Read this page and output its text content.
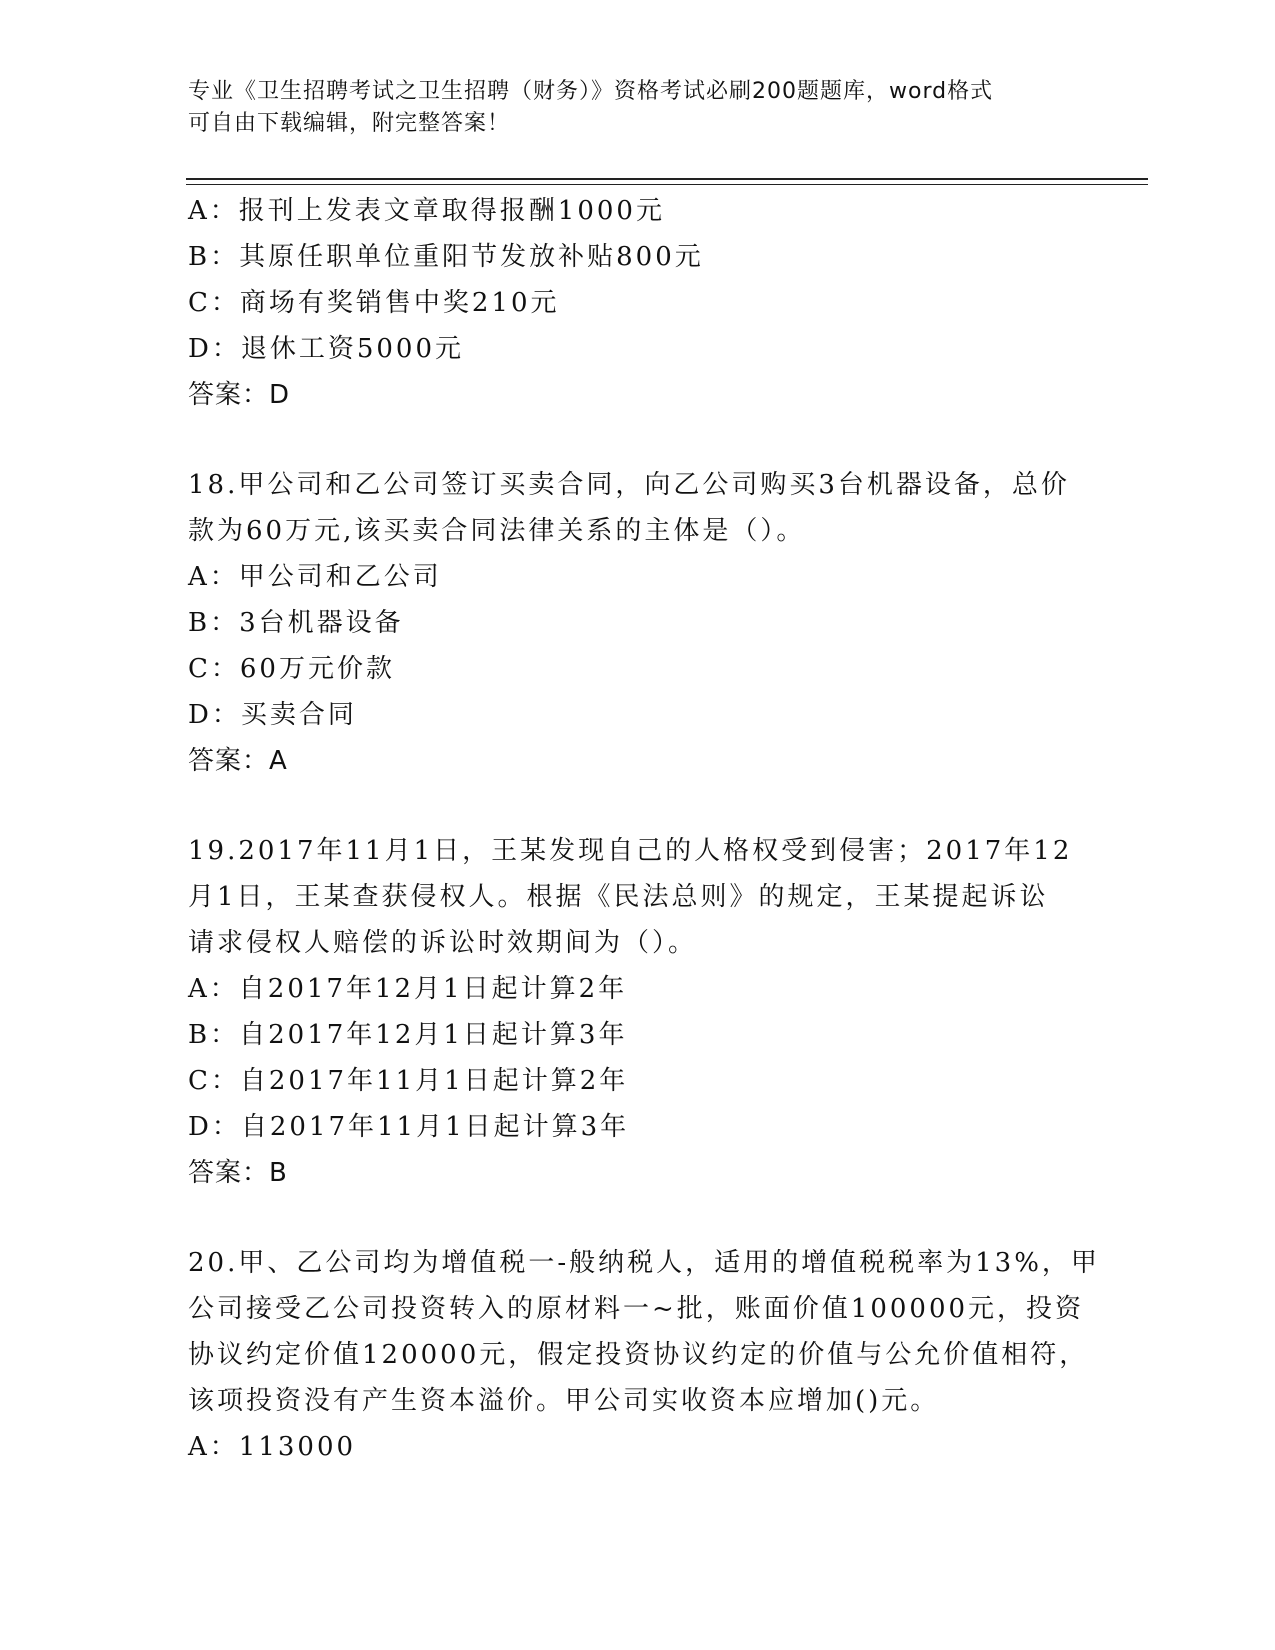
专业《卫生招聘考试之卫生招聘（财务）》资格考试必刷200题题库，word格式
可自由下载编辑，附完整答案！
A：报刊上发表文章取得报酬1000元
B：其原任职单位重阳节发放补贴800元
C：商场有奖销售中奖210元
D：退休工资5000元
答案：D
18.甲公司和乙公司签订买卖合同，向乙公司购买3台机器设备，总价
款为60万元,该买卖合同法律关系的主体是（）。
A：甲公司和乙公司
B：3台机器设备
C：60万元价款
D：买卖合同
答案：A
19.2017年11月1日，王某发现自己的人格权受到侵害；2017年12
月1日，王某查获侵权人。根据《民法总则》的规定，王某提起诉讼
请求侵权人赔偿的诉讼时效期间为（）。
A：自2017年12月1日起计算2年
B：自2017年12月1日起计算3年
C：自2017年11月1日起计算2年
D：自2017年11月1日起计算3年
答案：B
20.甲、乙公司均为增值税一-般纳税人，适用的增值税税率为13%，甲
公司接受乙公司投资转入的原材料一~批，账面价值100000元，投资
协议约定价值120000元，假定投资协议约定的价值与公允价值相符，
该项投资没有产生资本溢价。甲公司实收资本应增加()元。
A：113000
